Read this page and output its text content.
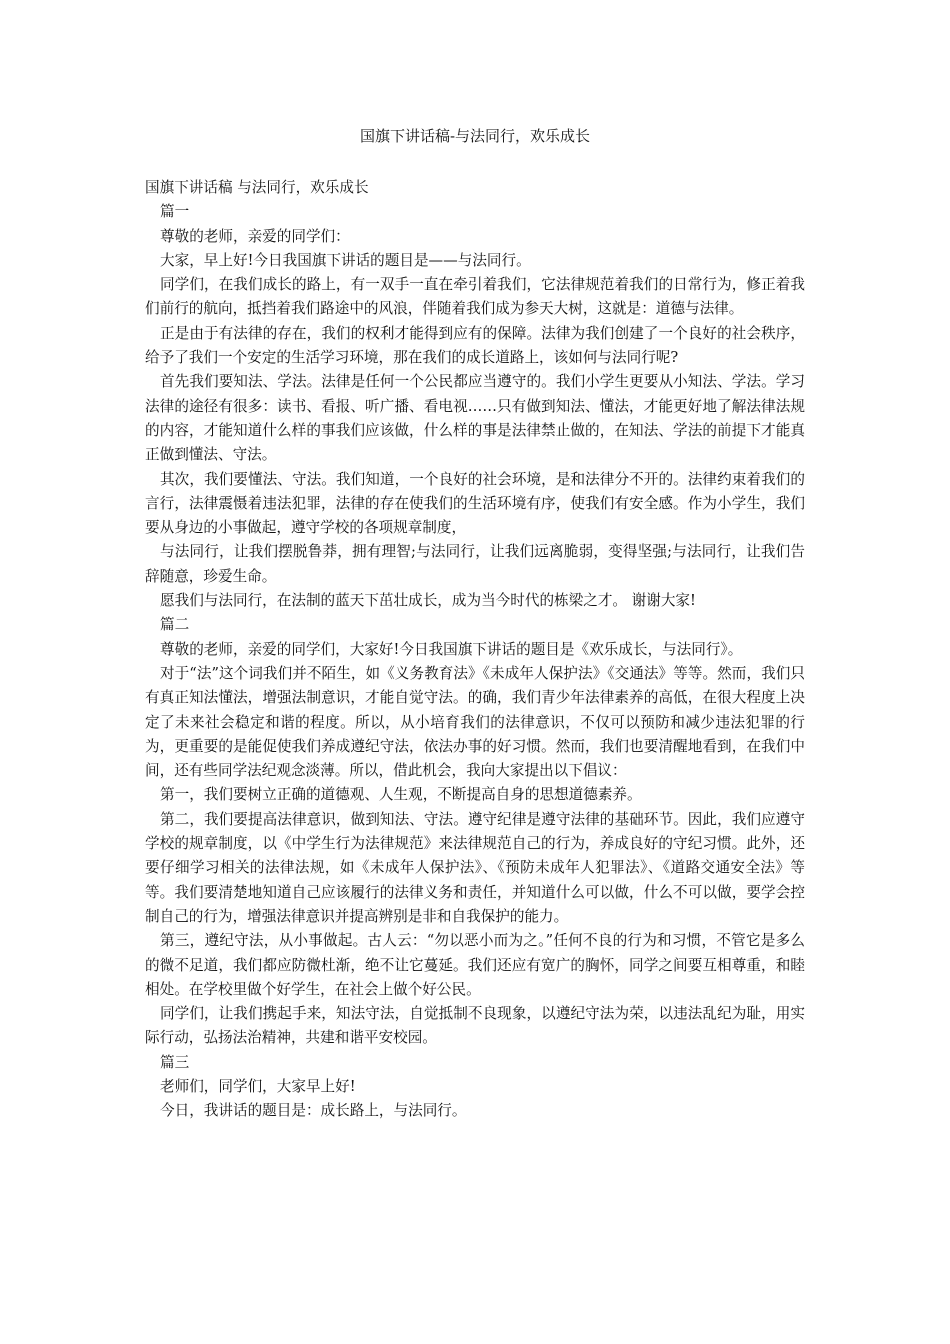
国旗下讲话稿-与法同行，欢乐成长

国旗下讲话稿 与法同行，欢乐成长

篇一

尊敬的老师，亲爱的同学们：

大家，早上好!今日我国旗下讲话的题目是——与法同行。

同学们，在我们成长的路上，有一双手一直在牵引着我们，它法律规范着我们的日常行为，修正着我们前行的航向，抵挡着我们路途中的风浪，伴随着我们成为参天大树，这就是：道德与法律。

正是由于有法律的存在，我们的权利才能得到应有的保障。法律为我们创建了一个良好的社会秩序，给予了我们一个安定的生活学习环境，那在我们的成长道路上，该如何与法同行呢?

首先我们要知法、学法。法律是任何一个公民都应当遵守的。我们小学生更要从小知法、学法。学习法律的途径有很多：读书、看报、听广播、看电视……只有做到知法、懂法，才能更好地了解法律法规的内容，才能知道什么样的事我们应该做，什么样的事是法律禁止做的，在知法、学法的前提下才能真正做到懂法、守法。

其次，我们要懂法、守法。我们知道，一个良好的社会环境，是和法律分不开的。法律约束着我们的言行，法律震慑着违法犯罪，法律的存在使我们的生活环境有序，使我们有安全感。作为小学生，我们要从身边的小事做起，遵守学校的各项规章制度，

与法同行，让我们摆脱鲁莽，拥有理智;与法同行，让我们远离脆弱，变得坚强;与法同行，让我们告辞随意，珍爱生命。

愿我们与法同行，在法制的蓝天下茁壮成长，成为当今时代的栋梁之才。 谢谢大家!

篇二

尊敬的老师，亲爱的同学们，大家好!今日我国旗下讲话的题目是《欢乐成长，与法同行》。

对于“法”这个词我们并不陌生，如《义务教育法》《未成年人保护法》《交通法》等等。然而，我们只有真正知法懂法，增强法制意识，才能自觉守法。的确，我们青少年法律素养的高低，在很大程度上决定了未来社会稳定和谐的程度。所以，从小培育我们的法律意识，不仅可以预防和减少违法犯罪的行为，更重要的是能促使我们养成遵纪守法，依法办事的好习惯。然而，我们也要清醒地看到，在我们中间，还有些同学法纪观念淡薄。所以，借此机会，我向大家提出以下倡议：

第一，我们要树立正确的道德观、人生观，不断提高自身的思想道德素养。

第二，我们要提高法律意识，做到知法、守法。遵守纪律是遵守法律的基础环节。因此，我们应遵守学校的规章制度，以《中学生行为法律规范》来法律规范自己的行为，养成良好的守纪习惯。此外，还要仔细学习相关的法律法规，如《未成年人保护法》、《预防未成年人犯罪法》、《道路交通安全法》等等。我们要清楚地知道自己应该履行的法律义务和责任，并知道什么可以做，什么不可以做，要学会控制自己的行为，增强法律意识并提高辨别是非和自我保护的能力。

第三，遵纪守法，从小事做起。古人云：“勿以恶小而为之。”任何不良的行为和习惯，不管它是多么的微不足道，我们都应防微杜渐，绝不让它蔓延。我们还应有宽广的胸怀，同学之间要互相尊重，和睦相处。在学校里做个好学生，在社会上做个好公民。

同学们，让我们携起手来，知法守法，自觉抵制不良现象，以遵纪守法为荣，以违法乱纪为耻，用实际行动，弘扬法治精神，共建和谐平安校园。

篇三

老师们，同学们，大家早上好!

今日，我讲话的题目是：成长路上，与法同行。
